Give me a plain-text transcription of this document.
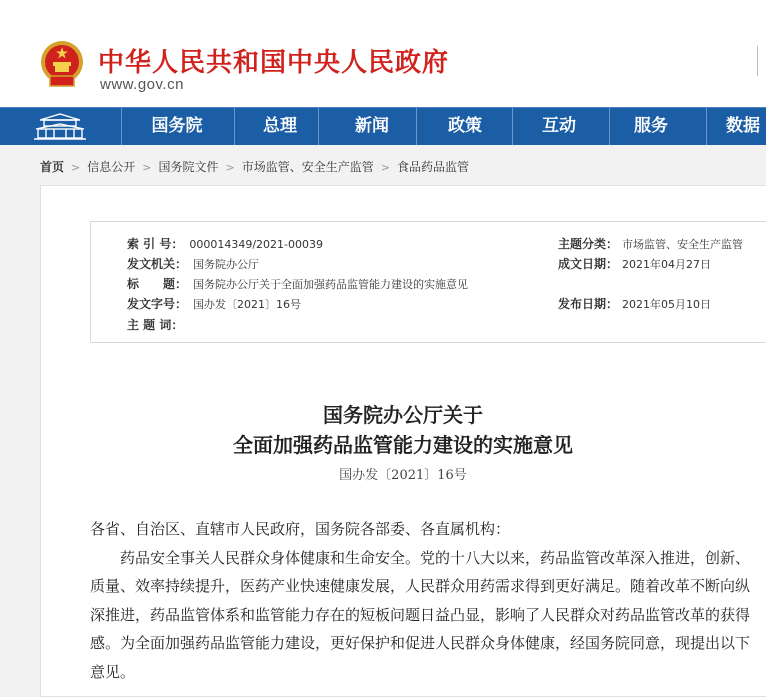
中华人民共和国中央人民政府
www.gov.cn
国务院	总理	新闻	政策	互动	服务	数据
首页 > 信息公开 > 国务院文件 > 市场监管、安全生产监管 > 食品药品监管
索 引 号： 000014349/2021-00039
发文机关： 国务院办公厅
标　　题： 国务院办公厅关于全面加强药品监管能力建设的实施意见
发文字号： 国办发〔2021〕16号
主 题 词：
主题分类： 市场监管、安全生产监管
成文日期： 2021年04月27日
发布日期： 2021年05月10日
国务院办公厅关于
全面加强药品监管能力建设的实施意见
国办发〔2021〕16号

各省、自治区、直辖市人民政府，国务院各部委、各直属机构：

药品安全事关人民群众身体健康和生命安全。党的十八大以来，药品监管改革深入推进，创新、质量、效率持续提升，医药产业快速健康发展，人民群众用药需求得到更好满足。随着改革不断向纵深推进，药品监管体系和监管能力存在的短板问题日益凸显，影响了人民群众对药品监管改革的获得感。为全面加强药品监管能力建设，更好保护和促进人民群众身体健康，经国务院同意，现提出以下意见。
